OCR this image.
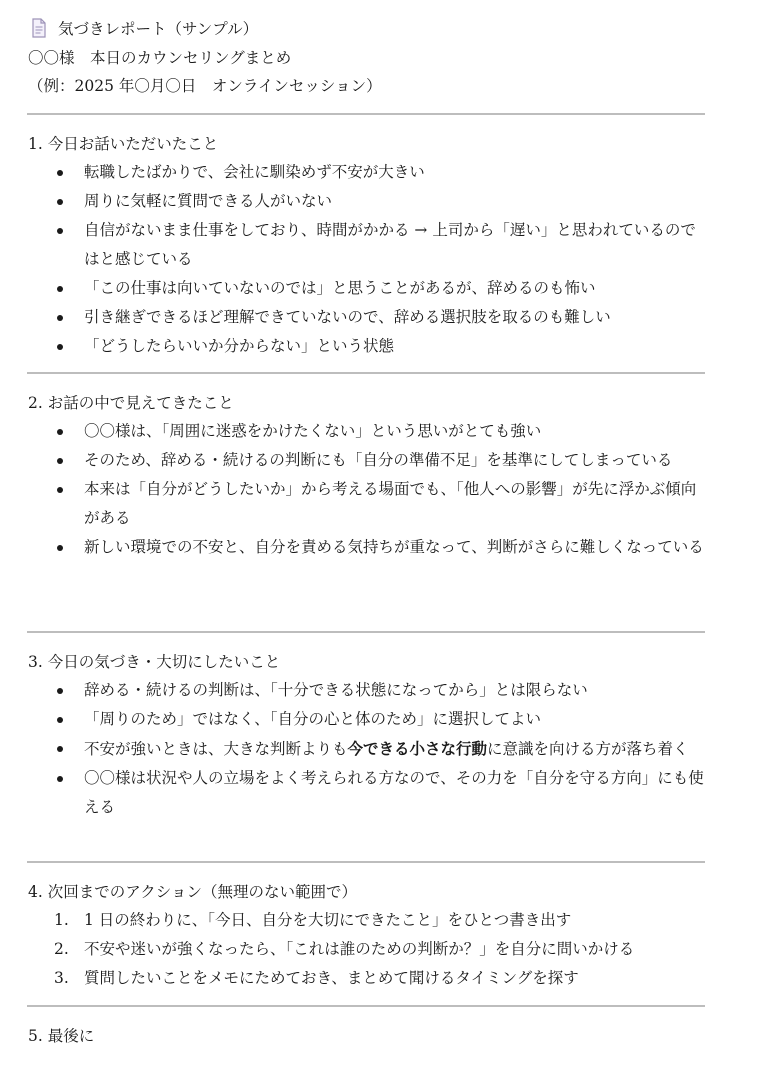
気づきレポート（サンプル）
〇〇様　本日のカウンセリングまとめ
（例：2025 年〇月〇日　オンラインセッション）
1. 今日お話いただいたこと
転職したばかりで、会社に馴染めず不安が大きい
周りに気軽に質問できる人がいない
自信がないまま仕事をしており、時間がかかる → 上司から「遅い」と思われているのではと感じている
「この仕事は向いていないのでは」と思うことがあるが、辞めるのも怖い
引き継ぎできるほど理解できていないので、辞める選択肢を取るのも難しい
「どうしたらいいか分からない」という状態
2. お話の中で見えてきたこと
〇〇様は、「周囲に迷惑をかけたくない」という思いがとても強い
そのため、辞める・続けるの判断にも「自分の準備不足」を基準にしてしまっている
本来は「自分がどうしたいか」から考える場面でも、「他人への影響」が先に浮かぶ傾向がある
新しい環境での不安と、自分を責める気持ちが重なって、判断がさらに難しくなっている
3. 今日の気づき・大切にしたいこと
辞める・続けるの判断は、「十分できる状態になってから」とは限らない
「周りのため」ではなく、「自分の心と体のため」に選択してよい
不安が強いときは、大きな判断よりも今できる小さな行動に意識を向ける方が落ち着く
〇〇様は状況や人の立場をよく考えられる方なので、その力を「自分を守る方向」にも使える
4. 次回までのアクション（無理のない範囲で）
1. 1 日の終わりに、「今日、自分を大切にできたこと」をひとつ書き出す
2. 不安や迷いが強くなったら、「これは誰のための判断か？」を自分に問いかける
3. 質問したいことをメモにためておき、まとめて聞けるタイミングを探す
5. 最後に
